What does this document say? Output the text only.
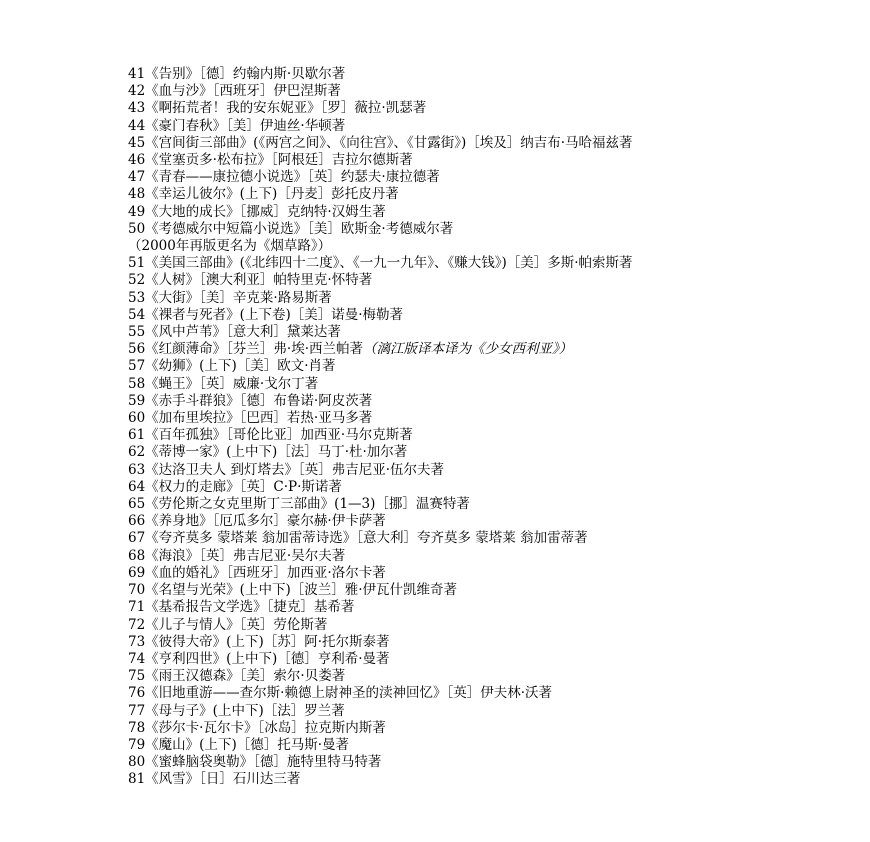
41《告别》［德］约翰内斯·贝歇尔著
42《血与沙》［西班牙］伊巴涅斯著
43《啊拓荒者！我的安东妮亚》［罗］薇拉·凯瑟著
44《豪门春秋》［美］伊迪丝·华顿著
45《宫间街三部曲》(《两宫之间》、《向往宫》、《甘露街》)［埃及］纳吉布·马哈福兹著
46《堂塞贡多·松布拉》［阿根廷］吉拉尔德斯著
47《青春——康拉德小说选》［英］约瑟夫·康拉德著
48《幸运儿彼尔》(上下)［丹麦］彭托皮丹著
49《大地的成长》［挪威］克纳特·汉姆生著
50《考德威尔中短篇小说选》［美］欧斯金·考德威尔著
（2000年再版更名为《烟草路》）
51《美国三部曲》(《北纬四十二度》、《一九一九年》、《赚大钱》)［美］多斯·帕索斯著
52《人树》［澳大利亚］帕特里克·怀特著
53《大街》［美］辛克莱·路易斯著
54《裸者与死者》(上下卷)［美］诺曼·梅勒著
55《风中芦苇》［意大利］黛莱达著
56《红颜薄命》［芬兰］弗·埃·西兰帕著（漓江版译本译为《少女西利亚》）
57《幼狮》(上下)［美］欧文·肖著
58《蝇王》［英］威廉·戈尔丁著
59《赤手斗群狼》［德］布鲁诺·阿皮茨著
60《加布里埃拉》［巴西］若热·亚马多著
61《百年孤独》［哥伦比亚］加西亚·马尔克斯著
62《蒂博一家》(上中下)［法］马丁·杜·加尔著
63《达洛卫夫人 到灯塔去》［英］弗吉尼亚·伍尔夫著
64《权力的走廊》［英］C·P·斯诺著
65《劳伦斯之女克里斯丁三部曲》(1—3)［挪］温赛特著
66《养身地》［厄瓜多尔］豪尔赫·伊卡萨著
67《夸齐莫多 蒙塔莱 翁加雷蒂诗选》［意大利］夸齐莫多 蒙塔莱 翁加雷蒂著
68《海浪》［英］弗吉尼亚·吴尔夫著
69《血的婚礼》［西班牙］加西亚·洛尔卡著
70《名望与光荣》(上中下)［波兰］雅·伊瓦什凯维奇著
71《基希报告文学选》［捷克］基希著
72《儿子与情人》［英］劳伦斯著
73《彼得大帝》(上下)［苏］阿·托尔斯泰著
74《亨利四世》(上中下)［德］亨利希·曼著
75《雨王汉德森》［美］索尔·贝娄著
76《旧地重游——查尔斯·赖德上尉神圣的渎神回忆》［英］伊夫林·沃著
77《母与子》(上中下)［法］罗兰著
78《莎尔卡·瓦尔卡》［冰岛］拉克斯内斯著
79《魔山》(上下)［德］托马斯·曼著
80《蜜蜂脑袋奥勒》［德］施特里特马特著
81《风雪》［日］石川达三著
